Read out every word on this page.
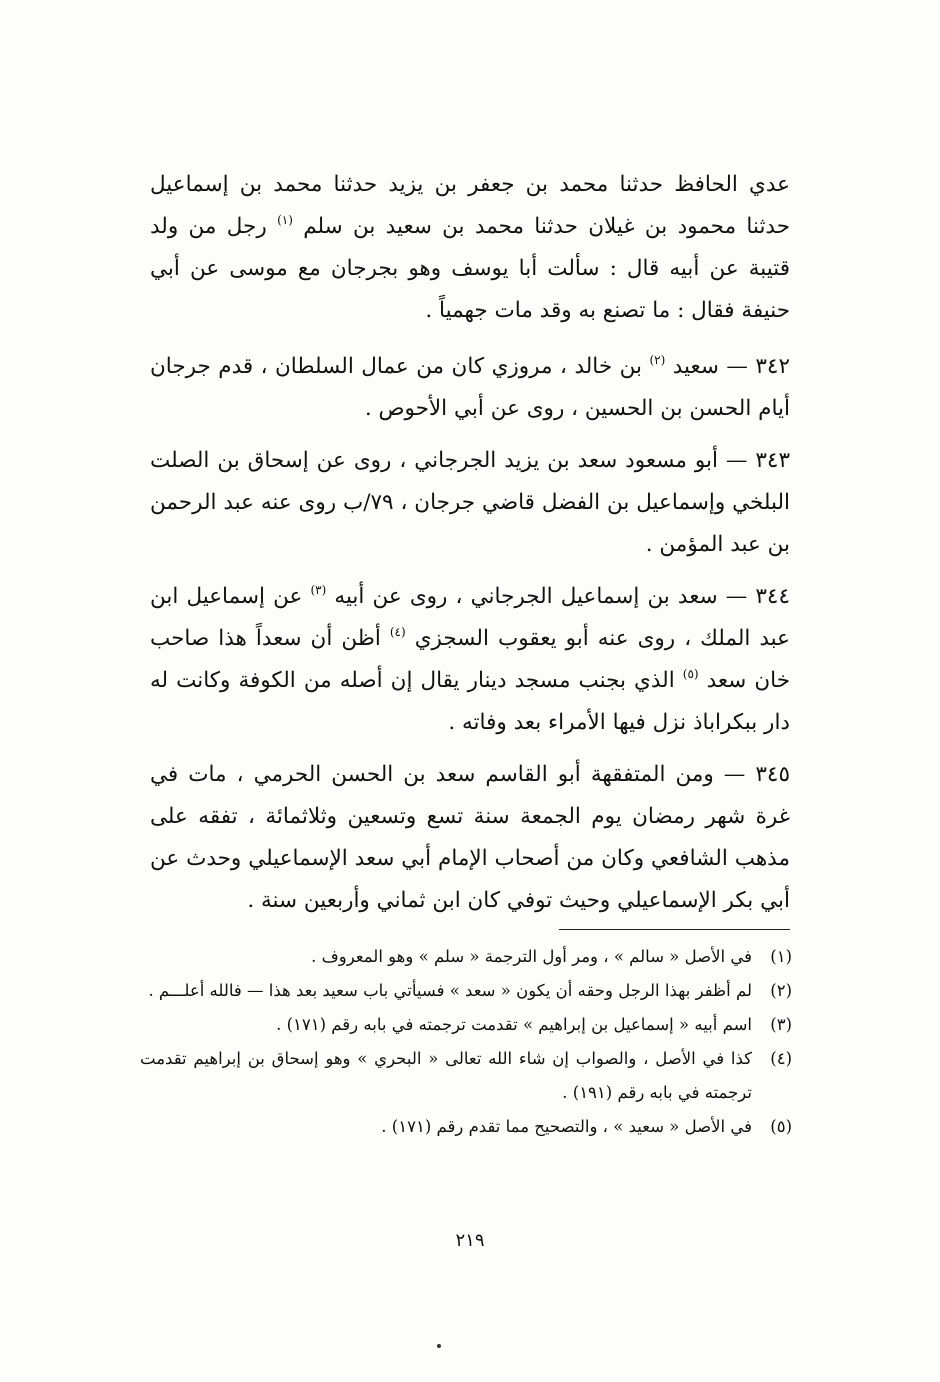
عدي الحافظ حدثنا محمد بن جعفر بن يزيد حدثنا محمد بن إسماعيل حدثنا محمود بن غيلان حدثنا محمد بن سعيد بن سلم $^{(١)}$ رجل من ولد قتيبة عن أبيه قال : سألت أبا يوسف وهو بجرجان مع موسى عن أبي حنيفة فقال : ما تصنع به وقد مات جهمياً .

٣٤٢ — سعيد $^{(٢)}$ بن خالد ، مروزي كان من عمال السلطان ، قدم جرجان أيام الحسن بن الحسين ، روى عن أبي الأحوص .

٣٤٣ — أبو مسعود سعد بن يزيد الجرجاني ، روى عن إسحاق بن الصلت البلخي وإسماعيل بن الفضل قاضي جرجان ، ٧٩/ب روى عنه عبد الرحمن بن عبد المؤمن .

٣٤٤ — سعد بن إسماعيل الجرجاني ، روى عن أبيه $^{(٣)}$ عن إسماعيل ابن عبد الملك ، روى عنه أبو يعقوب السجزي $^{(٤)}$ أظن أن سعداً هذا صاحب خان سعد $^{(٥)}$ الذي بجنب مسجد دينار يقال إن أصله من الكوفة وكانت له دار ببكراباذ نزل فيها الأمراء بعد وفاته .

٣٤٥ — ومن المتفقهة أبو القاسم سعد بن الحسن الحرمي ، مات في غرة شهر رمضان يوم الجمعة سنة تسع وتسعين وثلاثمائة ، تفقه على مذهب الشافعي وكان من أصحاب الإمام أبي سعد الإسماعيلي وحدث عن أبي بكر الإسماعيلي وحيث توفي كان ابن ثماني وأربعين سنة .

(١)
في الأصل « سالم » ، ومر أول الترجمة « سلم » وهو المعروف .
(٢)
لم أظفر بهذا الرجل وحقه أن يكون « سعد » فسيأتي باب سعيد بعد هذا — فالله أعلـــم .
(٣)
اسم أبيه « إسماعيل بن إبراهيم » تقدمت ترجمته في بابه رقم (١٧١) .
(٤)
كذا في الأصل ، والصواب إن شاء الله تعالى « البحري » وهو إسحاق بن إبراهيم تقدمت ترجمته في بابه رقم (١٩١) .
(٥)
في الأصل « سعيد » ، والتصحيح مما تقدم رقم (١٧١) .
٢١٩
